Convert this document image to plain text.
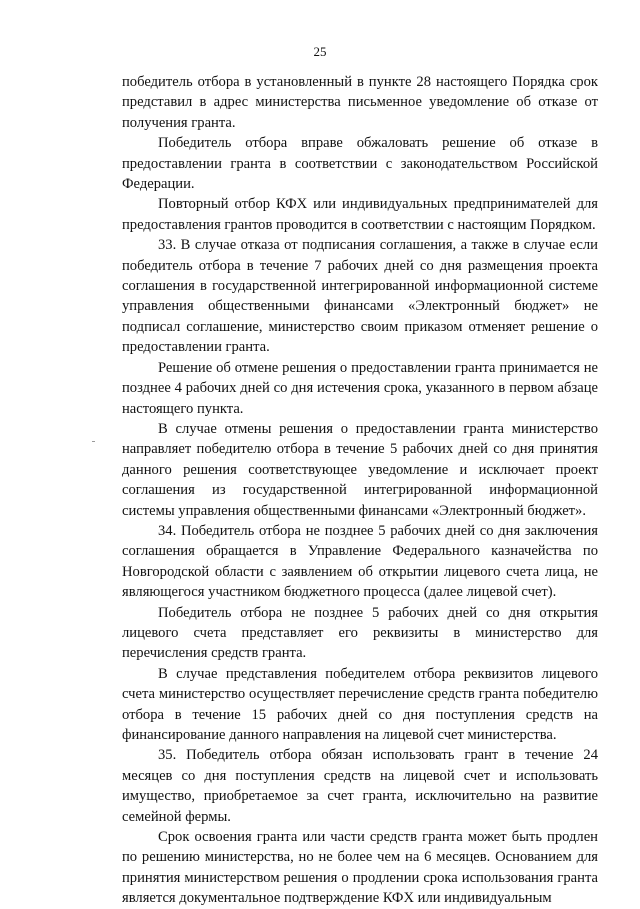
25

победитель отбора в установленный в пункте 28 настоящего Порядка срок представил в адрес министерства письменное уведомление об отказе от получения гранта.

Победитель отбора вправе обжаловать решение об отказе в предоставлении гранта в соответствии с законодательством Российской Федерации.

Повторный отбор КФХ или индивидуальных предпринимателей для предоставления грантов проводится в соответствии с настоящим Порядком.

33. В случае отказа от подписания соглашения, а также в случае если победитель отбора в течение 7 рабочих дней со дня размещения проекта соглашения в государственной интегрированной информационной системе управления общественными финансами «Электронный бюджет» не подписал соглашение, министерство своим приказом отменяет решение о предоставлении гранта.

Решение об отмене решения о предоставлении гранта принимается не позднее 4 рабочих дней со дня истечения срока, указанного в первом абзаце настоящего пункта.

В случае отмены решения о предоставлении гранта министерство направляет победителю отбора в течение 5 рабочих дней со дня принятия данного решения соответствующее уведомление и исключает проект соглашения из государственной интегрированной информационной системы управления общественными финансами «Электронный бюджет».

34. Победитель отбора не позднее 5 рабочих дней со дня заключения соглашения обращается в Управление Федерального казначейства по Новгородской области с заявлением об открытии лицевого счета лица, не являющегося участником бюджетного процесса (далее лицевой счет).

Победитель отбора не позднее 5 рабочих дней со дня открытия лицевого счета представляет его реквизиты в министерство для перечисления средств гранта.

В случае представления победителем отбора реквизитов лицевого счета министерство осуществляет перечисление средств гранта победителю отбора в течение 15 рабочих дней со дня поступления средств на финансирование данного направления на лицевой счет министерства.

35. Победитель отбора обязан использовать грант в течение 24 месяцев со дня поступления средств на лицевой счет и использовать имущество, приобретаемое за счет гранта, исключительно на развитие семейной фермы.

Срок освоения гранта или части средств гранта может быть продлен по решению министерства, но не более чем на 6 месяцев. Основанием для принятия министерством решения о продлении срока использования гранта является документальное подтверждение КФХ или индивидуальным
